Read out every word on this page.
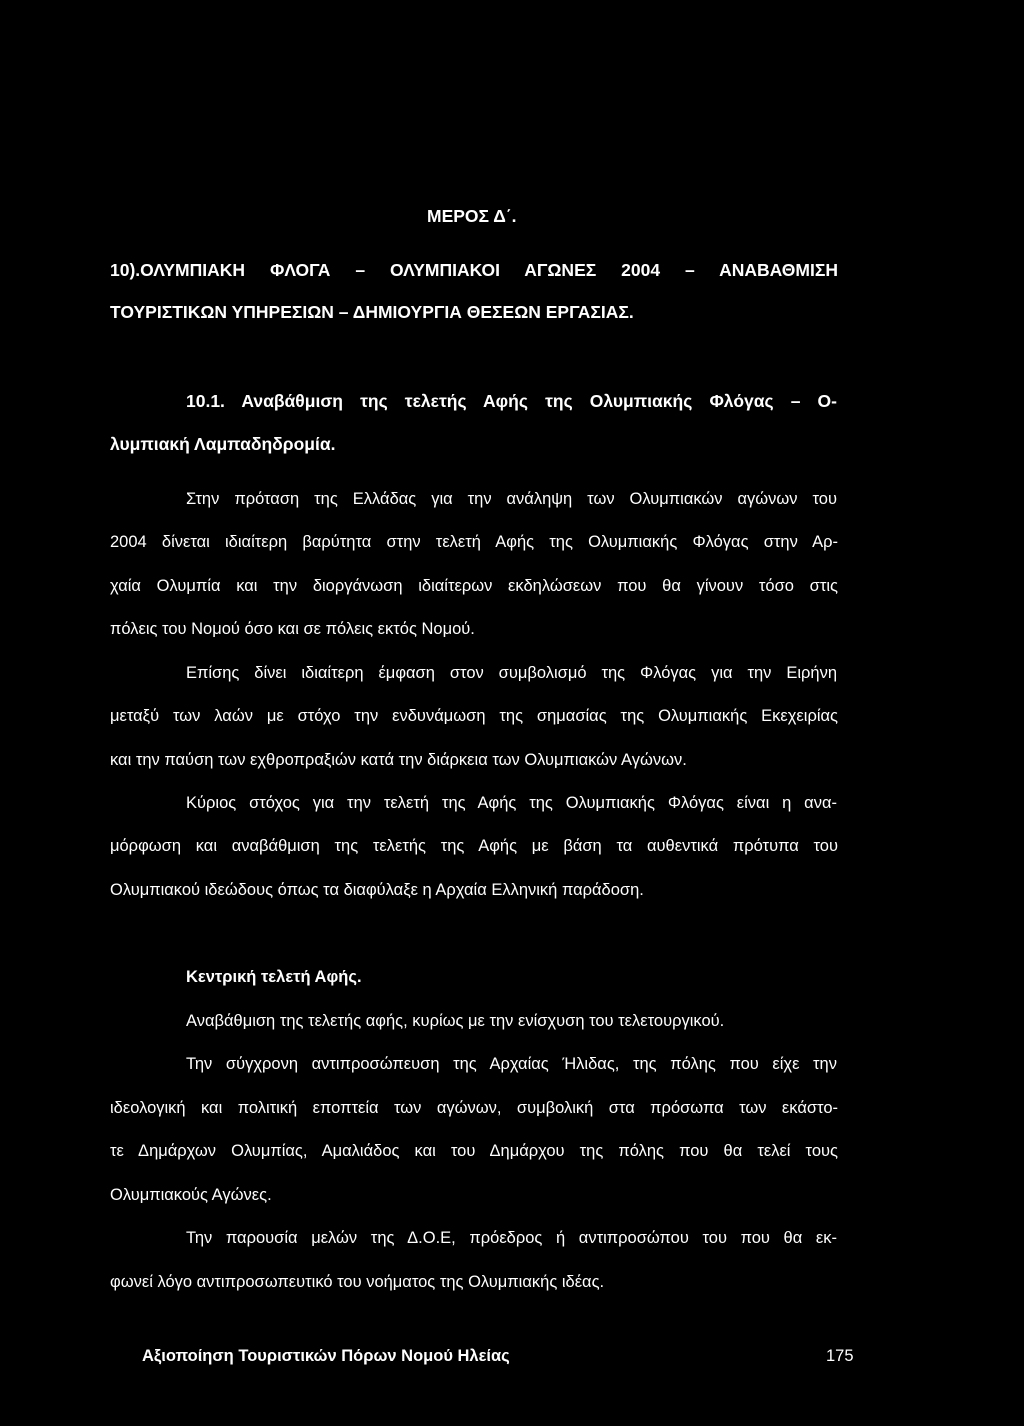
ΜΕΡΟΣ Δ΄.
10).ΟΛΥΜΠΙΑΚΗ ΦΛΟΓΑ – ΟΛΥΜΠΙΑΚΟΙ ΑΓΩΝΕΣ 2004 – ΑΝΑΒΑΘΜΙΣΗ
ΤΟΥΡΙΣΤΙΚΩΝ ΥΠΗΡΕΣΙΩΝ – ΔΗΜΙΟΥΡΓΙΑ ΘΕΣΕΩΝ ΕΡΓΑΣΙΑΣ.
10.1. Αναβάθμιση της τελετής Αφής της Ολυμπιακής Φλόγας – Ο-
λυμπιακή Λαμπαδηδρομία.
Στην πρόταση της Ελλάδας για την ανάληψη των Ολυμπιακών αγώνων του
2004 δίνεται ιδιαίτερη βαρύτητα στην τελετή Αφής της Ολυμπιακής Φλόγας στην Αρ-
χαία Ολυμπία και την διοργάνωση ιδιαίτερων εκδηλώσεων που θα γίνουν τόσο στις
πόλεις του Νομού όσο και σε πόλεις εκτός Νομού.
Επίσης δίνει ιδιαίτερη έμφαση στον συμβολισμό της Φλόγας για την Ειρήνη
μεταξύ των λαών με στόχο την ενδυνάμωση της σημασίας της Ολυμπιακής Εκεχειρίας
και την παύση των εχθροπραξιών κατά την διάρκεια των Ολυμπιακών Αγώνων.
Κύριος στόχος για την τελετή της Αφής της Ολυμπιακής Φλόγας είναι η ανα-
μόρφωση και αναβάθμιση της τελετής της Αφής με βάση τα αυθεντικά πρότυπα του
Ολυμπιακού ιδεώδους όπως τα διαφύλαξε η Αρχαία Ελληνική παράδοση.
Κεντρική τελετή Αφής.
Αναβάθμιση της τελετής αφής, κυρίως με την ενίσχυση του τελετουργικού.
Την σύγχρονη αντιπροσώπευση της Αρχαίας Ήλιδας, της πόλης που είχε την
ιδεολογική και πολιτική εποπτεία των αγώνων, συμβολική στα πρόσωπα των εκάστο-
τε Δημάρχων Ολυμπίας, Αμαλιάδος και του Δημάρχου της πόλης που θα τελεί τους
Ολυμπιακούς Αγώνες.
Την παρουσία μελών της Δ.Ο.Ε, πρόεδρος ή αντιπροσώπου του που θα εκ-
φωνεί λόγο αντιπροσωπευτικό του νοήματος της Ολυμπιακής ιδέας.
Αξιοποίηση Τουριστικών Πόρων Νομού Ηλείας	175
